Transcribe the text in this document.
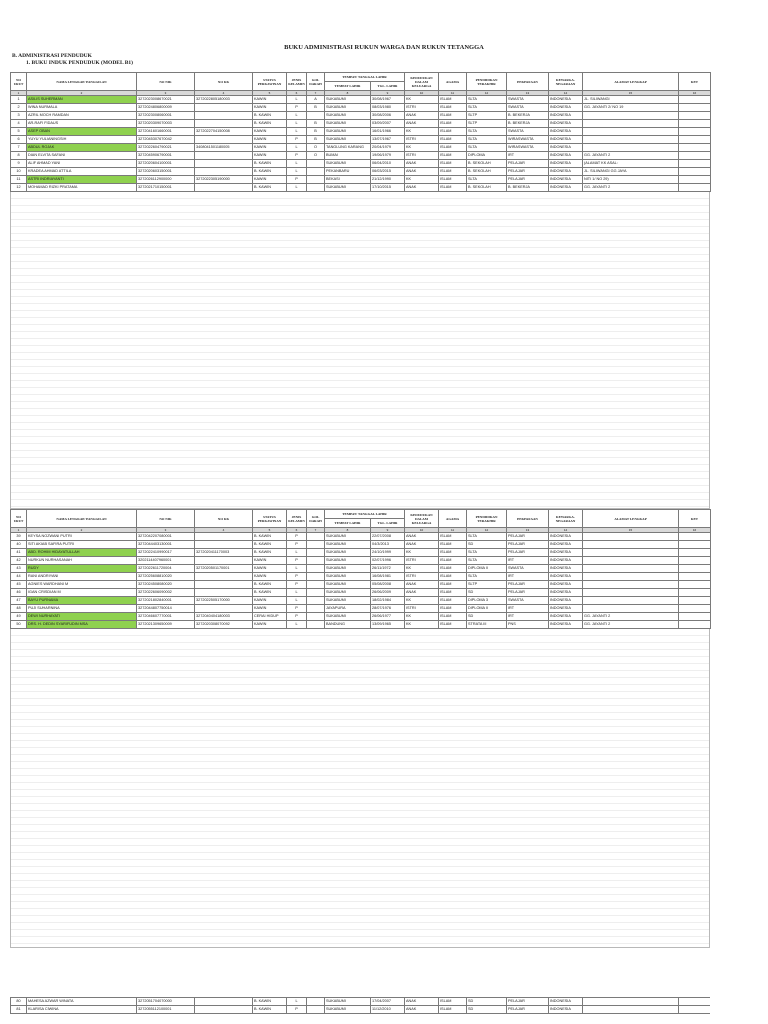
BUKU ADMINISTRASI RUKUN WARGA DAN RUKUN TETANGGA
B. ADMINISTRASI PENDUDUK
1. BUKU INDUK PENDUDUK (MODEL B1)
NO URUT	NAMA LENGKAP/ PANGGILAN	NO NIK	NO KK	STATUS PERKAWINAN	JENIS KELAMIN	GOL DARAH	TEMPAT/ TANGGAL LAHIR		KEDUDUKAN DALAM KELUARGA	AGAMA	PENDIDIKAN TERAKHIR	PEKERJAAN	KEWARGA-NEGARAAN	ALAMAT LENGKAP	KET
							TEMPAT LAHIR	TGL. LAHIR							
1	2	3	4	5	6	7	8	9	10	11	12	13	14	15	16
1	ASILIS SUHERMAN	3272023008670021	3272022805180003	KAWIN	L	A	SUKABUMI	30/08/1967	KK	ISLAM	SLTA	SWASTA	INDONESIA	JL. SILIWANGI	
2	WINA NURMALA	3272024806800009		KAWIN	P	B	SUKABUMI	08/03/1980	ISTRI	ISLAM	SLTA	SWASTA	INDONESIA	GG. JAYANTI 2/ NO 19	
3	AZRIL MOCH RAMDAN	3272023008060001		B. KAWIN	L		SUKABUMI	30/08/2006	ANAK	ISLAM	SLTP	B. BEKERJA	INDONESIA		
4	AR-RAFI FIDAUS	3272020309070003		B. KAWIN	L	B	SUKABUMI	03/09/2007	ANAK	ISLAM	SLTP	B. BEKERJA	INDONESIA		
5	ASEP OBAN	3272041601660001	3272022704150008	KAWIN	L	B	SUKABUMI	16/01/1966	KK	ISLAM	SLTA	SWASTA	INDONESIA		
6	YUYU YULIANINGSIH	3272045307670042		KAWIN	P	B	SUKABUMI	13/07/1967	ISTRI	ISLAM	SLTA	WIRASWASTA	INDONESIA		
7	ABDUL ROJAK	3272022604790021	3408041501180005	KAWIN	L	O	TANGLUNG KARANG	20/04/1979	KK	ISLAM	SLTA	WIRASWASTA	INDONESIA		
8	DIAN ELVITA SAFANI	3272045906790001		KAWIN	P	O	BUMAI	19/06/1979	ISTRI	ISLAM	DIPLOMA	IRT	INDONESIA	GG. JAYANTI 2	
9	ALIF AHMAD YANI	3272020604100001		B. KAWIN	L		SUKABUMI	06/04/2010	ANAK	ISLAM	B. SEKOLAH	PELAJAR	INDONESIA	(ALAMAT KK ASAL:	
10	KRADEA AHMAD ATTILA	3272020603150001		B. KAWIN	L		PEKANBARU	06/03/2015	ANAK	ISLAM	B. SEKOLAH	PELAJAR	INDONESIA	JL. SILIWANGI GG JAYA	
11	ASTRI INDRIAYANTI	3272026112900000	3272022305190000	KAWIN	P		BEKASI	21/12/1990	KK	ISLAM	SLTA	PELAJAR	INDONESIA	NITI 1/ NO 29)	
12	MOHAMAD RIZKI PRATAMA	3272021710150001		B. KAWIN	L		SUKABUMI	17/10/2015	ANAK	ISLAM	B. SEKOLAH	B. BEKERJA	INDONESIA	GG. JAYANTI 2	
NO URUT	NAMA LENGKAP/ PANGGILAN	NO NIK	NO KK	STATUS PERKAWINAN	JENIS KELAMIN	GOL DARAH	TEMPAT/ TANGGAL LAHIR		KEDUDUKAN DALAM KELUARGA	AGAMA	PENDIDIKAN TERAKHIR	PEKERJAAN	KEWARGA-NEGARAAN	ALAMAT LENGKAP	KET
							TEMPAT LAHIR	TGL. LAHIR							
1	2	3	4	5	6	7	8	9	10	11	12	13	14	15	16
39	KEYSA NOZWANI PUTRI	3272042207080001		B. KAWIN	P		SUKABUMI	22/07/2008	ANAK	ISLAM	SLTA	PELAJAR	INDONESIA		
40	SITI AKIAB SAFIRA PUTRI	3272044403130001		B. KAWIN	P		SUKABUMI	04/3/2013	ANAK	ISLAM	SD	PELAJAR	INDONESIA		
41	ABD. ROHIM HIDAYATULLAH	3272022410990017	3272020411170003	B. KAWIN	L		SUKABUMI	24/10/1999	KK	ISLAM	SLTA	PELAJAR	INDONESIA		
42	NURKUN NURHASANAH	3202114407960001		KAWIN	P		SUKABUMI	02/07/1996	ISTRI	ISLAM	SLTA	IRT	INDONESIA		
43	RUDY	3272022611720004	3272020501170001	KAWIN	L		SUKABUMI	26/11/1972	KK	ISLAM	DIPLOMA II	SWASTA	INDONESIA		
44	RANI ANDRIYANI	3272025608810020		KAWIN	P		SUKABUMI	16/08/1981	ISTRI	ISLAM	SLTA	IRT	INDONESIA		
45	AGNIES WARDHANI M	3272024508080020		B. KAWIN	P		SUKABUMI	05/08/2008	ANAK	ISLAM	SLTP	PELAJAR	INDONESIA		
46	IGAN CRISDIAN M	3272022606090002		B. KAWIN	L		SUKABUMI	26/06/2009	ANAK	ISLAM	SD	PELAJAR	INDONESIA		
47	BAYU PURNAMA	3272021802840001	3272022505170000	KAWIN	L		SUKABUMI	18/02/1984	KK	ISLAM	DIPLOMA 3	SWASTA	INDONESIA		
48	PUJI SUHARNINA	3272044807750014		KAWIN	P		JAYAPURA	28/07/1976	ISTRI	ISLAM	DIPLOMA II	IRT	INDONESIA		
49	DEWI NURHAYATI	3272046607770001	3272040404180003	CERAI HIDUP	P		SUKABUMI	26/06/1977	KK	ISLAM	SD	IRT	INDONESIA	GG. JAYANTI 2	
50	DRS. H. DEDIN SYARIFUDIN MSA	3272021309650009	3272020308070092	KAWIN	L		BANDUNG	13/09/1965	KK	ISLAM	STRATA III	PNS	INDONESIA	GG. JAYANTI 2	
80	MAHESA AZWAR WINATA	3272051704070000		B. KAWIN	L		SUKABUMI	17/04/2007	ANAK	ISLAM	SD	PELAJAR	INDONESIA		
81	KLARISA CIWINA	3272055112100001		B. KAWIN	P		SUKABUMI	11/12/2010	ANAK	ISLAM	SD	PELAJAR	INDONESIA		
